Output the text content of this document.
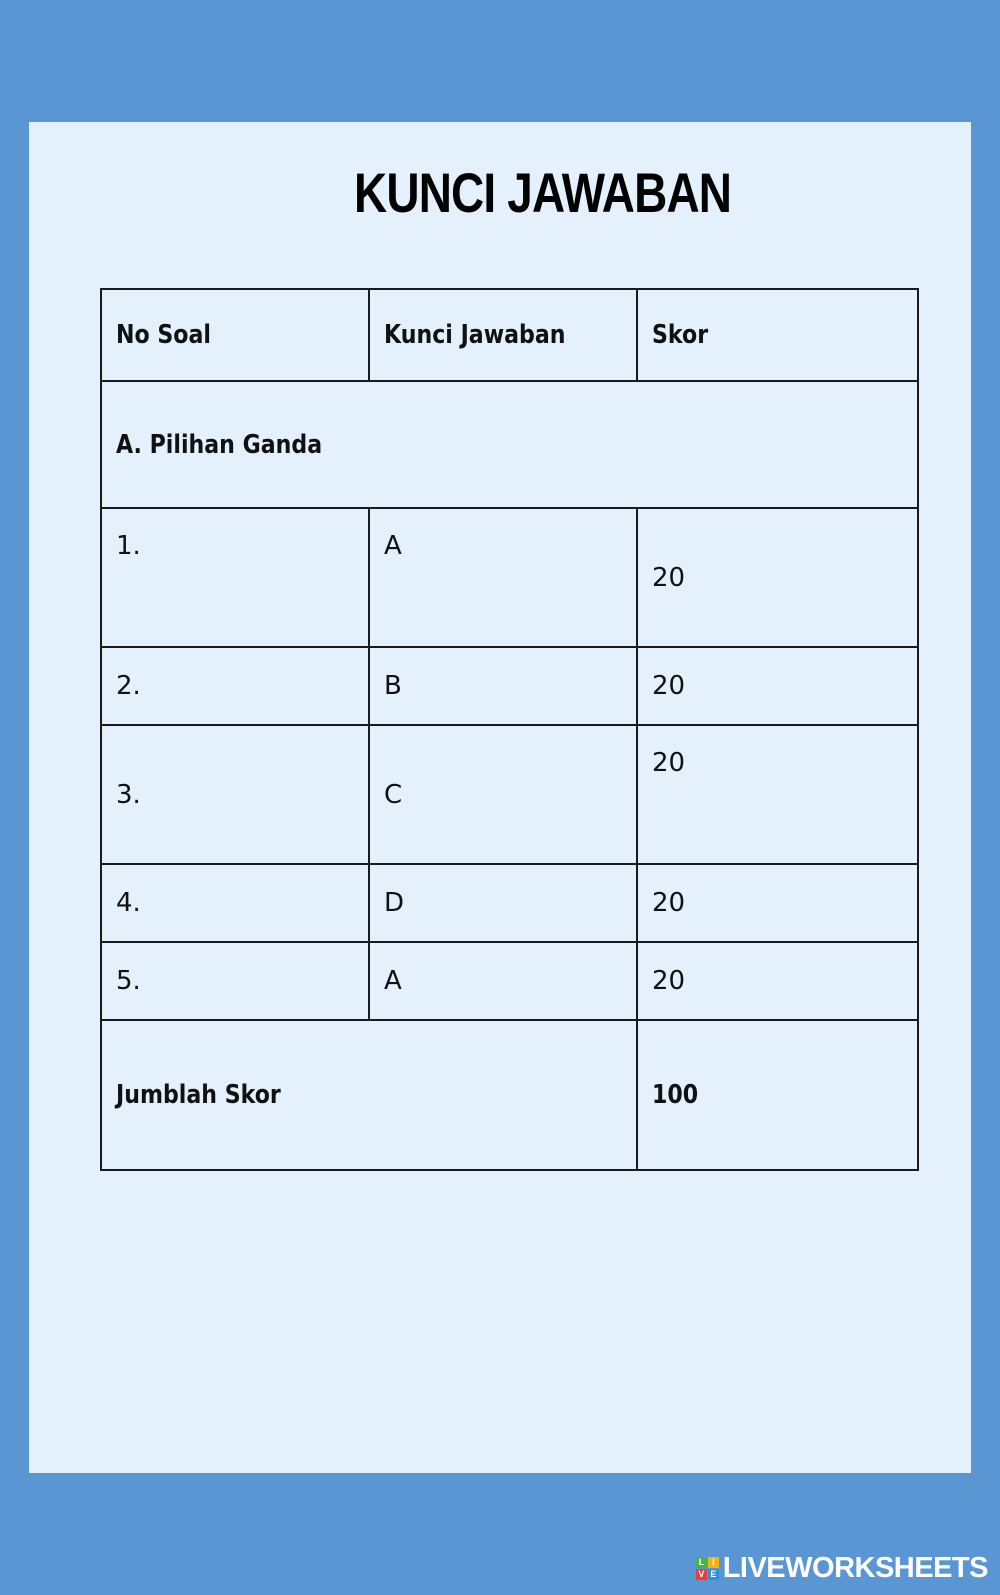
KUNCI JAWABAN
No Soal	Kunci Jawaban	Skor
A. Pilihan Ganda		
1.	A	20
2.	B	20
3.	C	20
4.	D	20
5.	A	20
Jumblah Skor		100
L I
V E LIVEWORKSHEETS
